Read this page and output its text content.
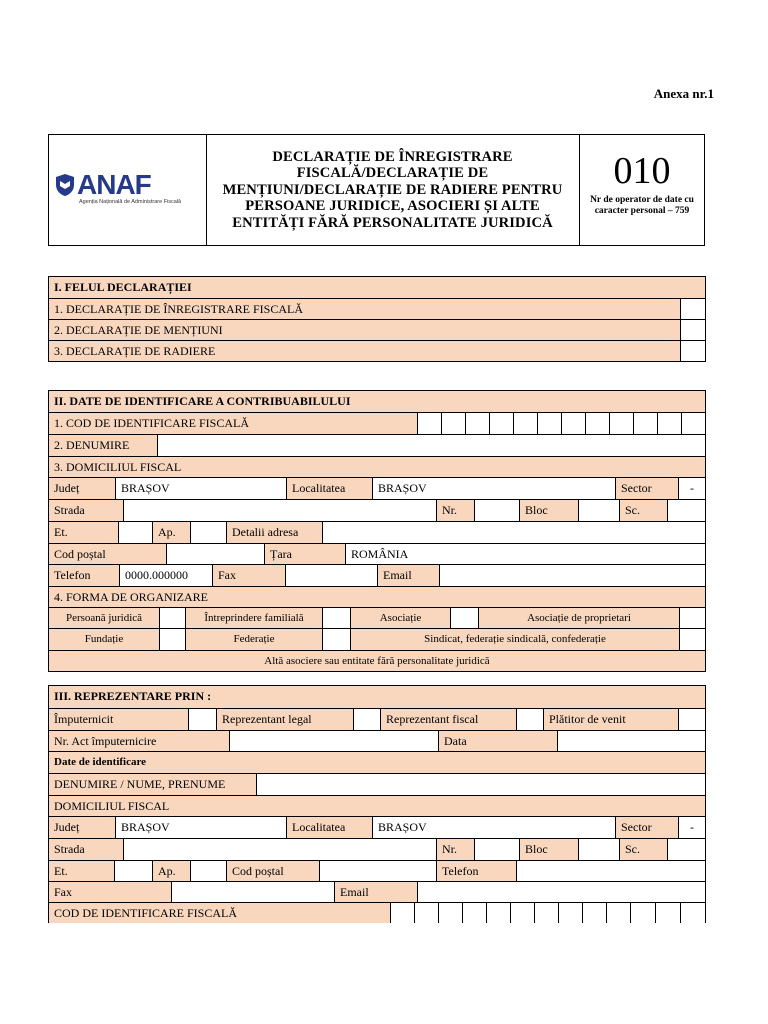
Anexa nr.1
ANAF
Agenția Națională de Administrare Fiscală
DECLARAȚIE DE ÎNREGISTRARE FISCALĂ/DECLARAȚIE DE MENȚIUNI/DECLARAȚIE DE RADIERE PENTRU PERSOANE JURIDICE, ASOCIERI ȘI ALTE ENTITĂȚI FĂRĂ PERSONALITATE JURIDICĂ
010
Nr de operator de date cu caracter personal – 759
I. FELUL DECLARAȚIEI
1. DECLARAȚIE DE ÎNREGISTRARE FISCALĂ
2. DECLARAȚIE DE MENȚIUNI
3. DECLARAȚIE DE RADIERE
II. DATE DE IDENTIFICARE A CONTRIBUABILULUI
1. COD DE IDENTIFICARE FISCALĂ
2. DENUMIRE
3. DOMICILIUL FISCAL
Județ	BRAȘOV	Localitatea	BRAȘOV	Sector	-
Strada	Nr.	Bloc	Sc.
Et.	Ap.	Detalii adresa
Cod poștal	Țara	ROMÂNIA
Telefon	0000.000000	Fax	Email
4. FORMA DE ORGANIZARE
Persoană juridică	Întreprindere familială	Asociație	Asociație de proprietari
Fundație	Federație	Sindicat, federație sindicală, confederație
Altă asociere sau entitate fără personalitate juridică
III. REPREZENTARE PRIN :
Împuternicit	Reprezentant legal	Reprezentant fiscal	Plătitor de venit
Nr. Act împuternicire	Data
Date de identificare
DENUMIRE / NUME, PRENUME
DOMICILIUL FISCAL
Județ	BRAȘOV	Localitatea	BRAȘOV	Sector	-
Strada	Nr.	Bloc	Sc.
Et.	Ap.	Cod poștal	Telefon
Fax	Email
COD DE IDENTIFICARE FISCALĂ
